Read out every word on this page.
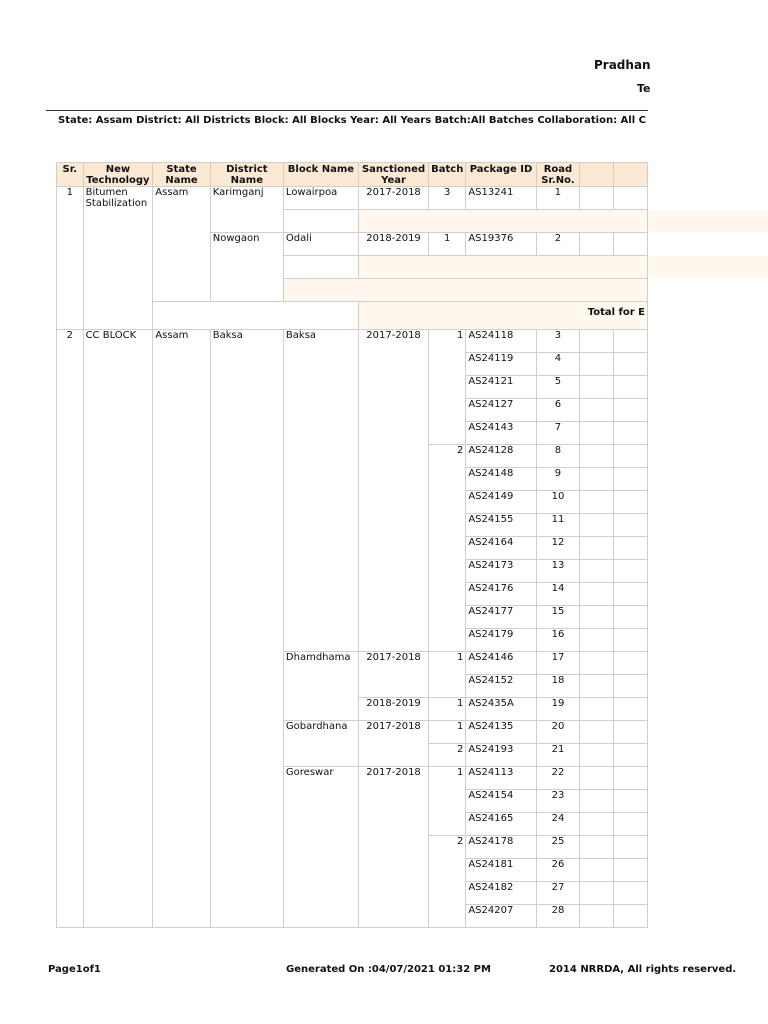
Pradhan
Te
State: Assam District: All Districts Block: All Blocks Year: All Years Batch:All Batches Collaboration: All C
Sr.	New Technology	State Name	District Name	Block Name	Sanctioned Year	Batch	Package ID	Road Sr.No.		
1	Bitumen Stabilization	Assam	Karimganj	Lowairpoa	2017-2018	3	AS13241	1		

			Nowgaon	Odali	2018-2019	1	AS19376	2		

					Total for E					
2	CC BLOCK	Assam	Baksa	Baksa	2017-2018	1	AS24118	3		
							AS24119	4		
							AS24121	5		
							AS24127	6		
							AS24143	7		
						2	AS24128	8		
							AS24148	9		
							AS24149	10		
							AS24155	11		
							AS24164	12		
							AS24173	13		
							AS24176	14		
							AS24177	15		
							AS24179	16		
				Dhamdhama	2017-2018	1	AS24146	17		
							AS24152	18		
					2018-2019	1	AS2435A	19		
				Gobardhana	2017-2018	1	AS24135	20		
						2	AS24193	21		
				Goreswar	2017-2018	1	AS24113	22		
							AS24154	23		
							AS24165	24		
						2	AS24178	25		
							AS24181	26		
							AS24182	27		
							AS24207	28		
Page1of1	Generated On :04/07/2021 01:32 PM	2014 NRRDA, All rights reserved.
